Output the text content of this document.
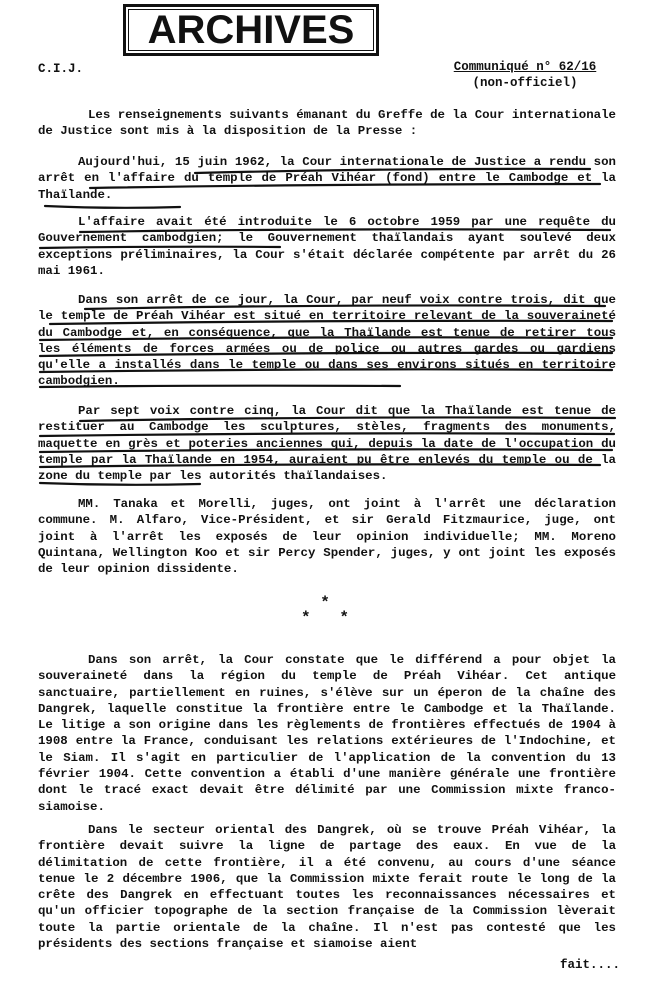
ARCHIVES
C.I.J.	Communiqué n° 62/16
(non-officiel)
Les renseignements suivants émanant du Greffe de la Cour internationale de Justice sont mis à la disposition de la Presse :
Aujourd'hui, 15 juin 1962, la Cour internationale de Justice a rendu son arrêt en l'affaire du temple de Préah Vihéar (fond) entre le Cambodge et la Thaïlande.
L'affaire avait été introduite le 6 octobre 1959 par une requête du Gouvernement cambodgien; le Gouvernement thaïlandais ayant soulevé deux exceptions préliminaires, la Cour s'était déclarée compétente par arrêt du 26 mai 1961.
Dans son arrêt de ce jour, la Cour, par neuf voix contre trois, dit que le temple de Préah Vihéar est situé en territoire relevant de la souveraineté du Cambodge et, en conséquence, que la Thaïlande est tenue de retirer tous les éléments de forces armées ou de police ou autres gardes ou gardiens qu'elle a installés dans le temple ou dans ses environs situés en territoire cambodgien.
Par sept voix contre cinq, la Cour dit que la Thaïlande est tenue de restituer au Cambodge les sculptures, stèles, fragments des monuments, maquette en grès et poteries anciennes qui, depuis la date de l'occupation du temple par la Thaïlande en 1954, auraient pu être enlevés du temple ou de la zone du temple par les autorités thaïlandaises.
MM. Tanaka et Morelli, juges, ont joint à l'arrêt une déclaration commune. M. Alfaro, Vice-Président, et sir Gerald Fitzmaurice, juge, ont joint à l'arrêt les exposés de leur opinion individuelle; MM. Moreno Quintana, Wellington Koo et sir Percy Spender, juges, y ont joint les exposés de leur opinion dissidente.
*
*   *
Dans son arrêt, la Cour constate que le différend a pour objet la souveraineté dans la région du temple de Préah Vihéar. Cet antique sanctuaire, partiellement en ruines, s'élève sur un éperon de la chaîne des Dangrek, laquelle constitue la frontière entre le Cambodge et la Thaïlande. Le litige a son origine dans les règlements de frontières effectués de 1904 à 1908 entre la France, conduisant les relations extérieures de l'Indochine, et le Siam. Il s'agit en particulier de l'application de la convention du 13 février 1904. Cette convention a établi d'une manière générale une frontière dont le tracé exact devait être délimité par une Commission mixte franco-siamoise.
Dans le secteur oriental des Dangrek, où se trouve Préah Vihéar, la frontière devait suivre la ligne de partage des eaux. En vue de la délimitation de cette frontière, il a été convenu, au cours d'une séance tenue le 2 décembre 1906, que la Commission mixte ferait route le long de la crête des Dangrek en effectuant toutes les reconnaissances nécessaires et qu'un officier topographe de la section française de la Commission lèverait toute la partie orientale de la chaîne. Il n'est pas contesté que les présidents des sections française et siamoise aient
fait....
